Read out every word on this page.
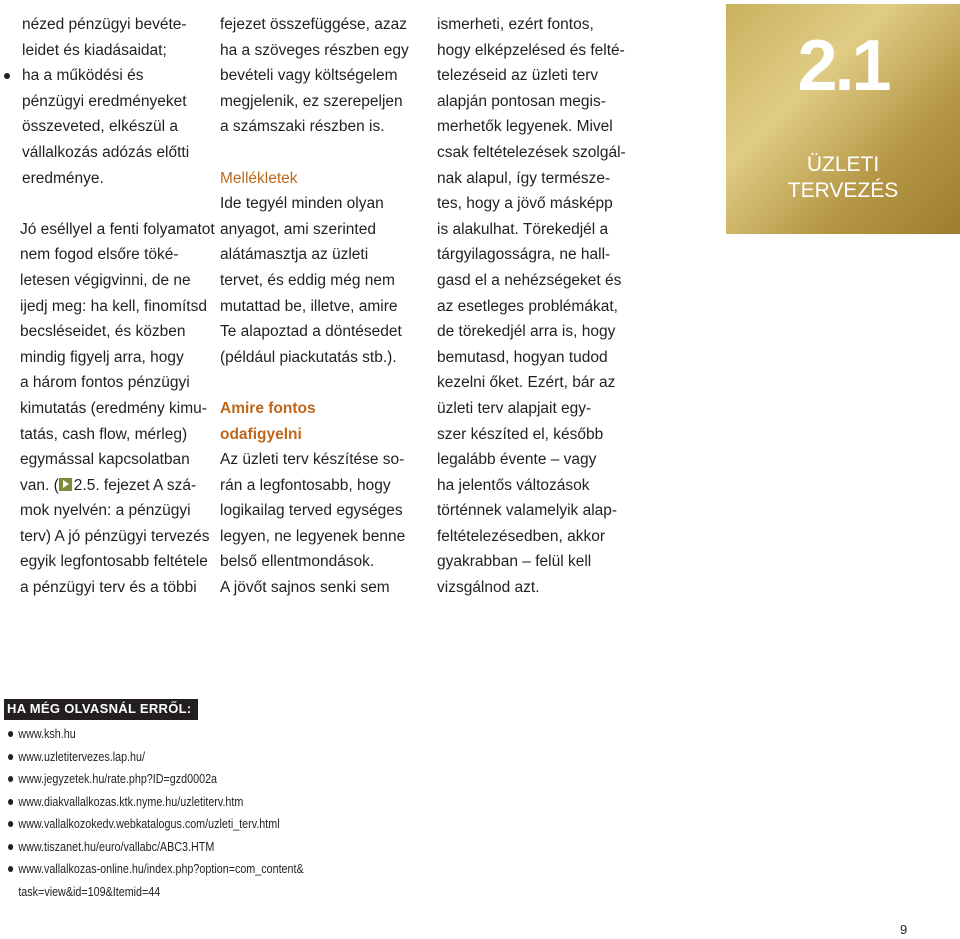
nézed pénzügyi bevéte-
leidet és kiadásaidat;
ha a működési és
pénzügyi eredményeket
összeveted, elkészül a
vállalkozás adózás előtti
eredménye.
Jó eséllyel a fenti folyamatot
nem fogod elsőre töké-
letesen végigvinni, de ne
ijedj meg: ha kell, finomítsd
becsléseidet, és közben
mindig figyelj arra, hogy
a három fontos pénzügyi
kimutatás (eredmény kimu-
tatás, cash flow, mérleg)
egymással kapcsolatban
van. ( 2.5. fejezet A szá-
mok nyelvén: a pénzügyi
terv) A jó pénzügyi tervezés
egyik legfontosabb feltétele
a pénzügyi terv és a többi
fejezet összefüggése, azaz
ha a szöveges részben egy
bevételi vagy költségelem
megjelenik, ez szerepeljen
a számszaki részben is.
Mellékletek
Ide tegyél minden olyan
anyagot, ami szerinted
alátámasztja az üzleti
tervet, és eddig még nem
mutattad be, illetve, amire
Te alapoztad a döntésedet
(például piackutatás stb.).
Amire fontos
odafigyelni
Az üzleti terv készítése so-
rán a legfontosabb, hogy
logikailag terved egységes
legyen, ne legyenek benne
belső ellentmondások.
A jövőt sajnos senki sem
ismerheti, ezért fontos,
hogy elképzelésed és felté-
telezéseid az üzleti terv
alapján pontosan megis-
merhetők legyenek. Mivel
csak feltételezések szolgál-
nak alapul, így természe-
tes, hogy a jövő másképp
is alakulhat. Törekedjél a
tárgyilagosságra, ne hall-
gasd el a nehézségeket és
az esetleges problémákat,
de törekedjél arra is, hogy
bemutasd, hogyan tudod
kezelni őket. Ezért, bár az
üzleti terv alapjait egy-
szer készíted el, később
legalább évente – vagy
ha jelentős változások
történnek valamelyik alap-
feltételezésedben, akkor
gyakrabban – felül kell
vizsgálnod azt.
2.1
ÜZLETI
TERVEZÉS
HA MÉG OLVASNÁL ERRŐL:
www.ksh.hu
www.uzletitervezes.lap.hu/
www.jegyzetek.hu/rate.php?ID=gzd0002a
www.diakvallalkozas.ktk.nyme.hu/uzletiterv.htm
www.vallalkozokedv.webkatalogus.com/uzleti_terv.html
www.tiszanet.hu/euro/vallabc/ABC3.HTM
www.vallalkozas-online.hu/index.php?option=com_content&
task=view&id=109&Itemid=44
9
